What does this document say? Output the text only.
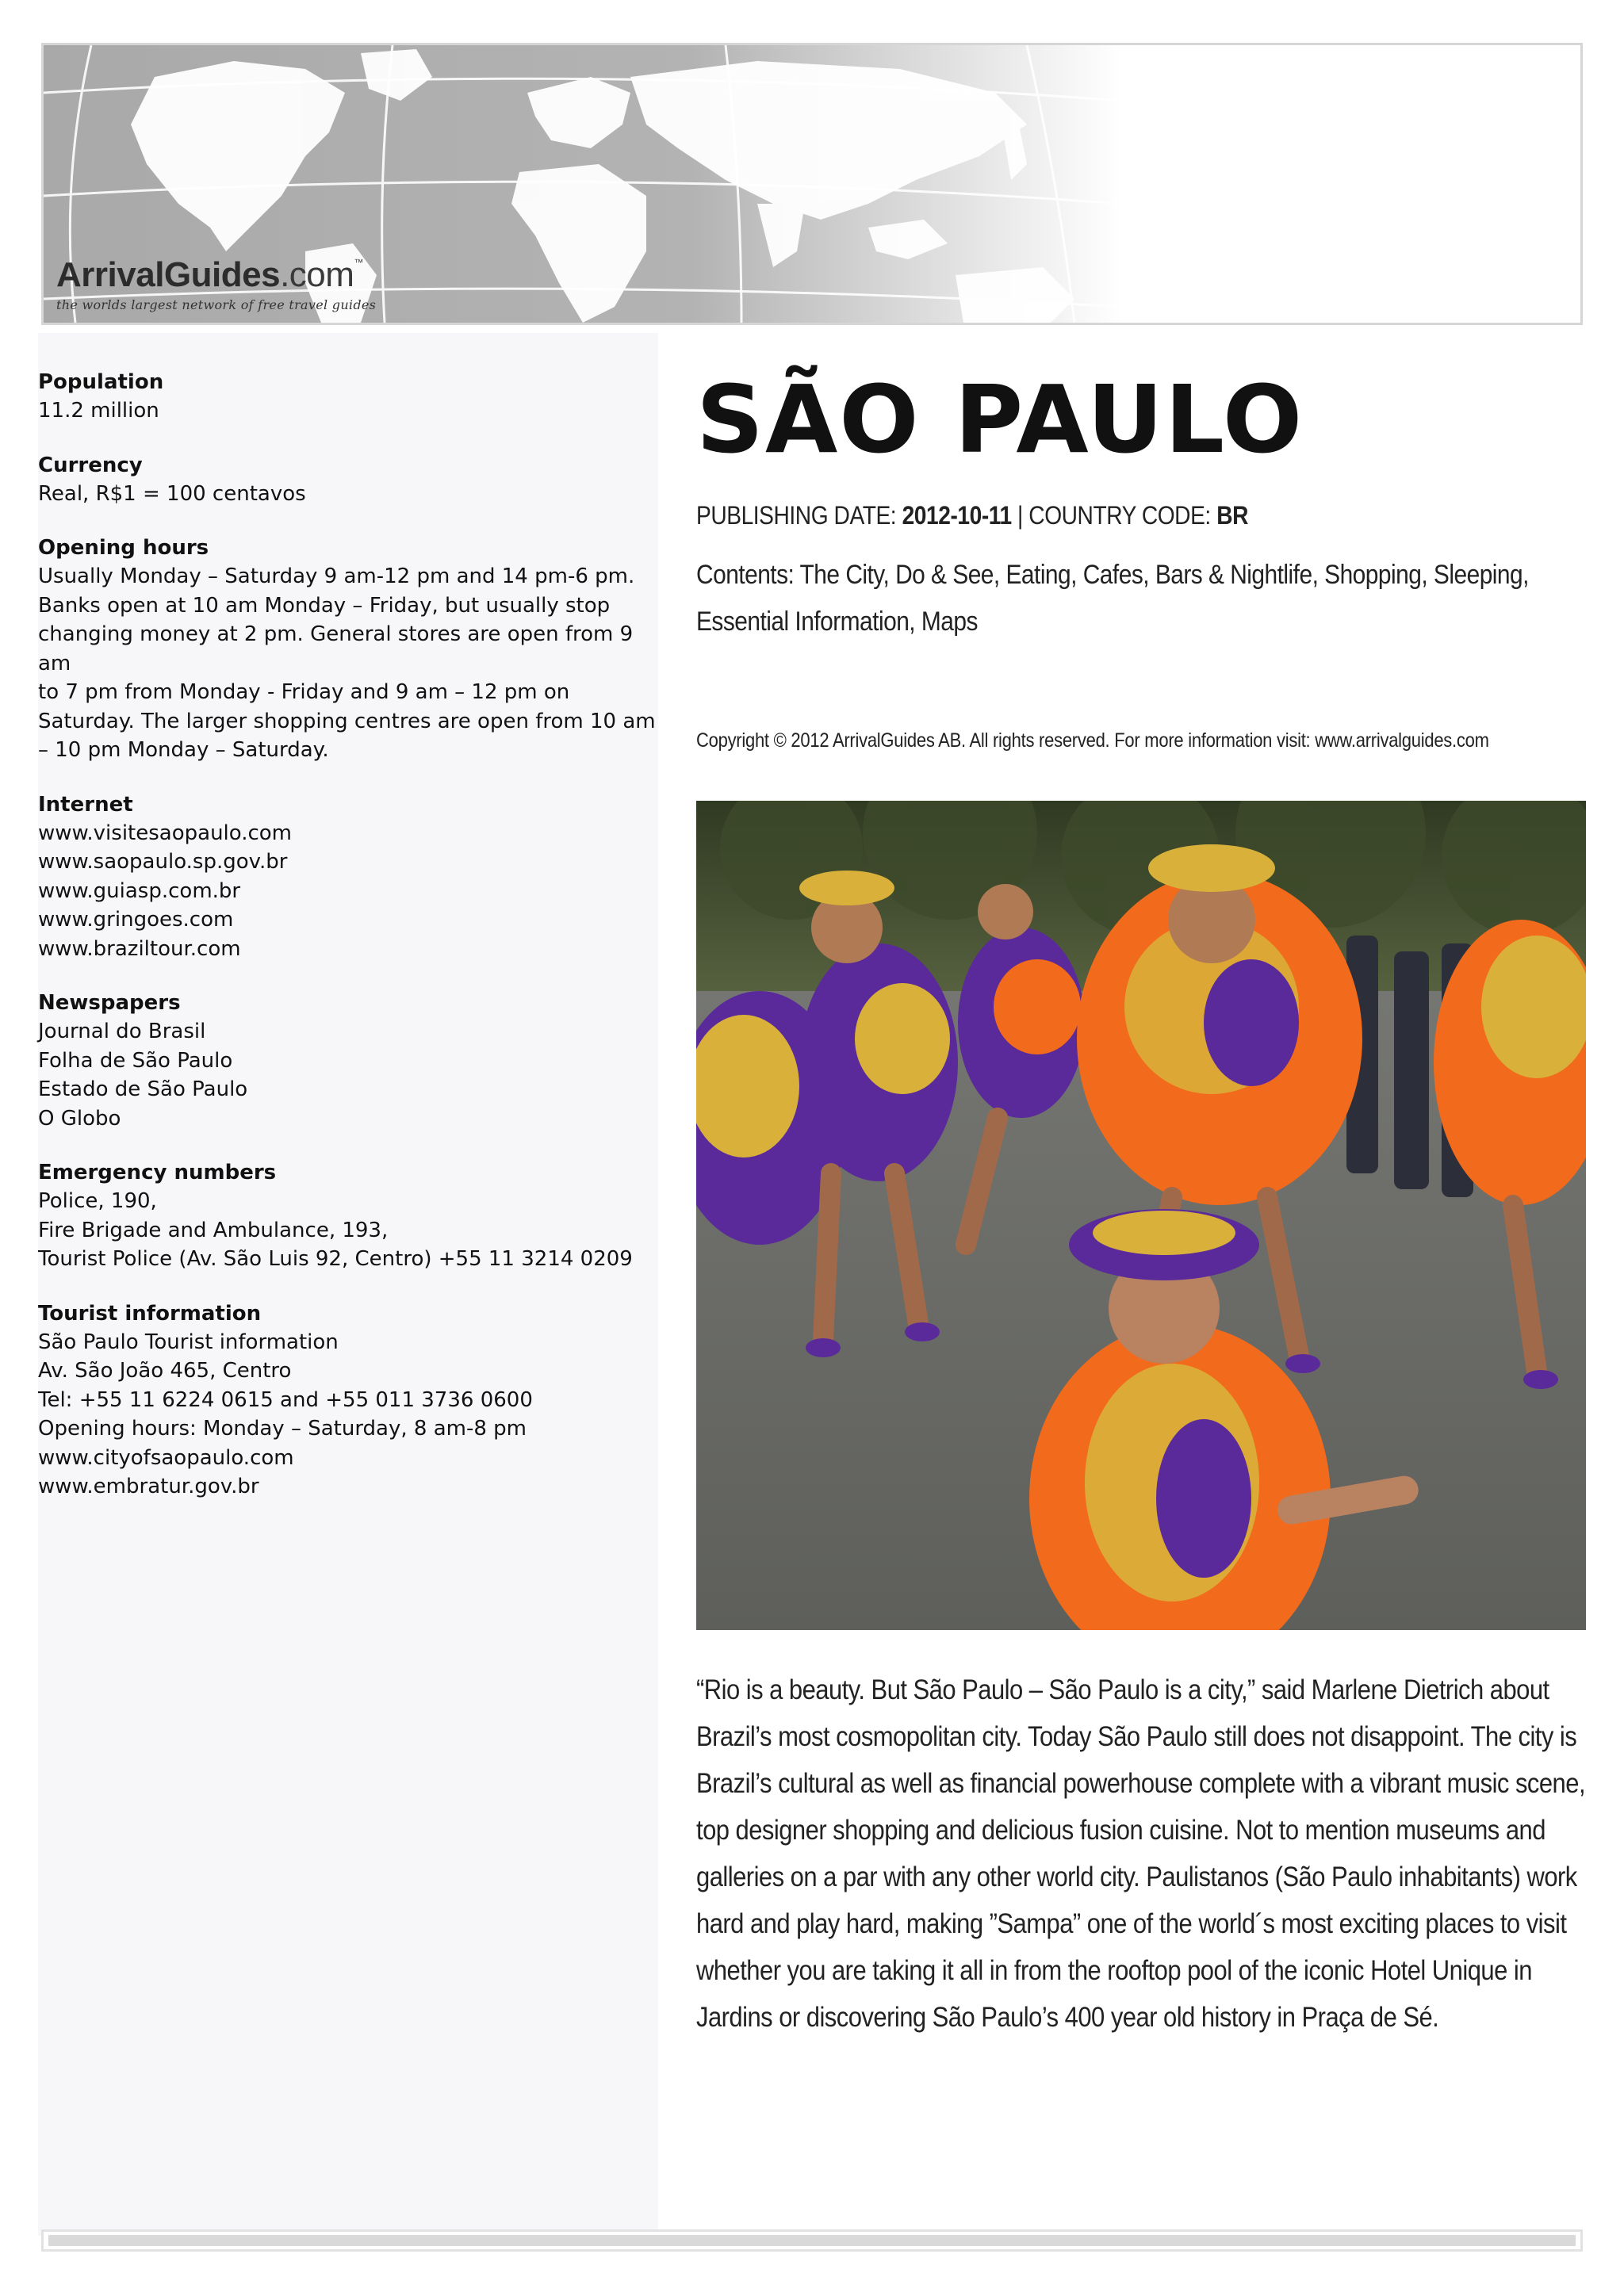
ArrivalGuides.com™
the worlds largest network of free travel guides
Population
11.2 million
Currency
Real, R$1 = 100 centavos
Opening hours
Usually Monday – Saturday 9 am-12 pm and 14 pm-6 pm.
Banks open at 10 am Monday – Friday, but usually stop
changing money at 2 pm. General stores are open from 9 am
to 7 pm from Monday - Friday and 9 am – 12 pm on
Saturday. The larger shopping centres are open from 10 am
– 10 pm Monday – Saturday.
Internet
www.visitesaopaulo.com
www.saopaulo.sp.gov.br
www.guiasp.com.br
www.gringoes.com
www.braziltour.com
Newspapers
Journal do Brasil
Folha de São Paulo
Estado de São Paulo
O Globo
Emergency numbers
Police, 190,
Fire Brigade and Ambulance, 193,
Tourist Police (Av. São Luis 92, Centro) +55 11 3214 0209
Tourist information
São Paulo Tourist information
Av. São João 465, Centro
Tel: +55 11 6224 0615 and +55 011 3736 0600
Opening hours: Monday – Saturday, 8 am-8 pm
www.cityofsaopaulo.com
www.embratur.gov.br
SÃO PAULO
PUBLISHING DATE: 2012-10-11 | COUNTRY CODE: BR
Contents: The City, Do & See, Eating, Cafes, Bars & Nightlife, Shopping, Sleeping, Essential Information, Maps
Copyright © 2012 ArrivalGuides AB. All rights reserved. For more information visit: www.arrivalguides.com

“Rio is a beauty. But São Paulo – São Paulo is a city,” said Marlene Dietrich about Brazil’s most cosmopolitan city. Today São Paulo still does not disappoint. The city is Brazil’s cultural as well as financial powerhouse complete with a vibrant music scene, top designer shopping and delicious fusion cuisine. Not to mention museums and galleries on a par with any other world city. Paulistanos (São Paulo inhabitants) work hard and play hard, making ”Sampa” one of the world´s most exciting places to visit whether you are taking it all in from the rooftop pool of the iconic Hotel Unique in Jardins or discovering São Paulo’s 400 year old history in Praça de Sé.
